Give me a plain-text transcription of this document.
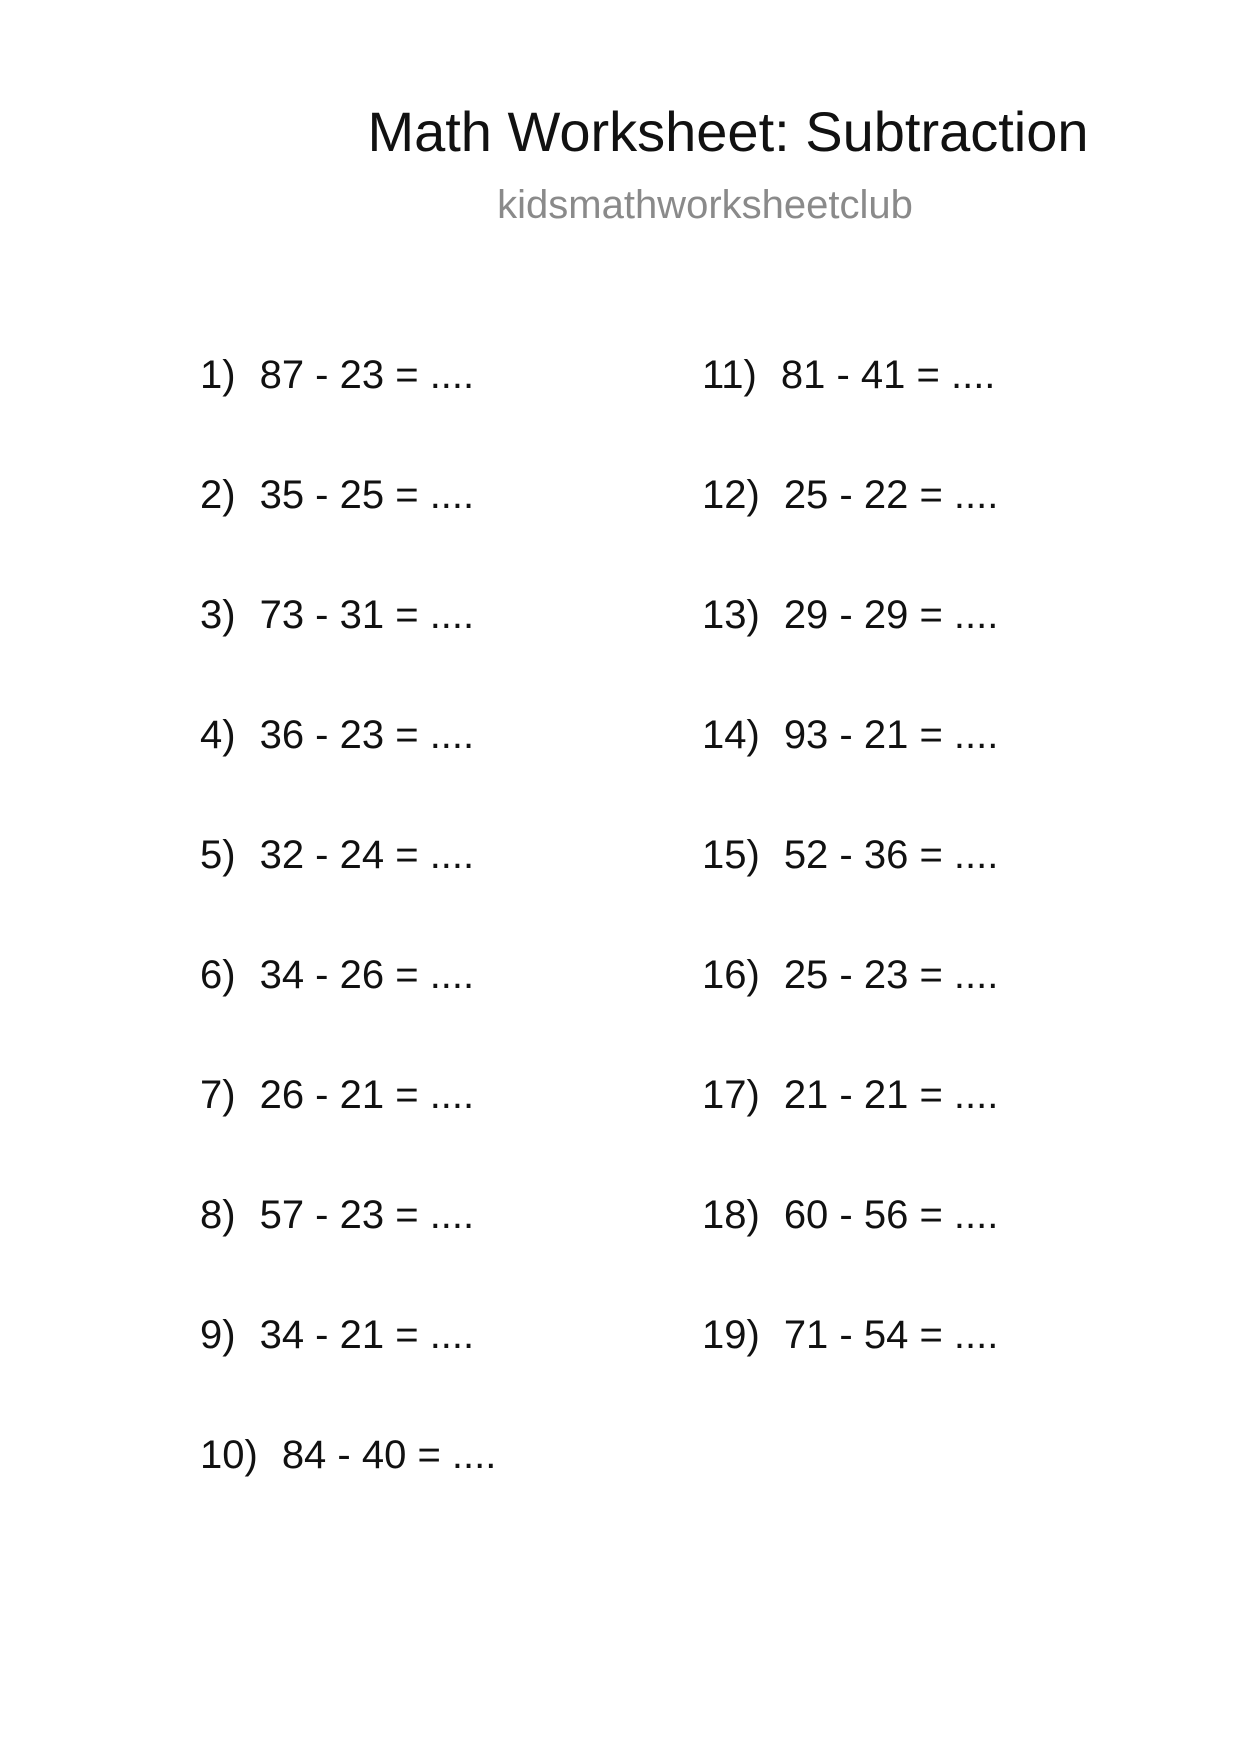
Math Worksheet: Subtraction
kidsmathworksheetclub
1) 87 - 23 = ....
2) 35 - 25 = ....
3) 73 - 31 = ....
4) 36 - 23 = ....
5) 32 - 24 = ....
6) 34 - 26 = ....
7) 26 - 21 = ....
8) 57 - 23 = ....
9) 34 - 21 = ....
10) 84 - 40 = ....
11) 81 - 41 = ....
12) 25 - 22 = ....
13) 29 - 29 = ....
14) 93 - 21 = ....
15) 52 - 36 = ....
16) 25 - 23 = ....
17) 21 - 21 = ....
18) 60 - 56 = ....
19) 71 - 54 = ....
